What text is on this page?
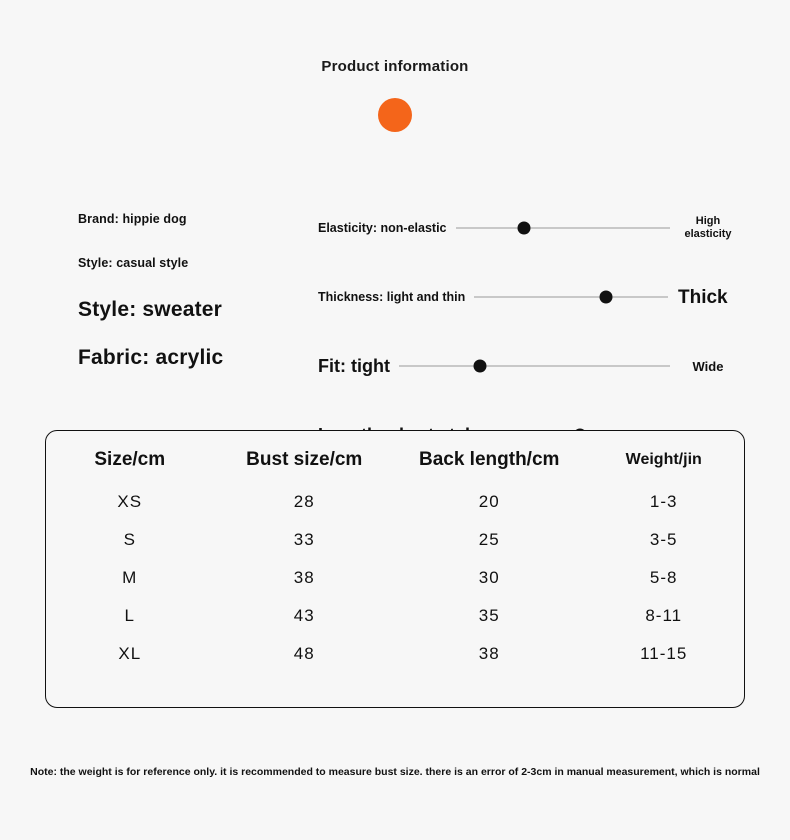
Product information
Brand: hippie dog
Style: casual style
Style: sweater
Fabric: acrylic
Elasticity: non-elastic	High elasticity
Thickness: light and thin	Thick
Fit: tight	Wide
Size/cm	Bust size/cm	Back length/cm	Weight/jin
XS	28	20	1-3
S	33	25	3-5
M	38	30	5-8
L	43	35	8-11
XL	48	38	11-15
Note: the weight is for reference only. it is recommended to measure bust size. there is an error of 2-3cm in manual measurement, which is normal
